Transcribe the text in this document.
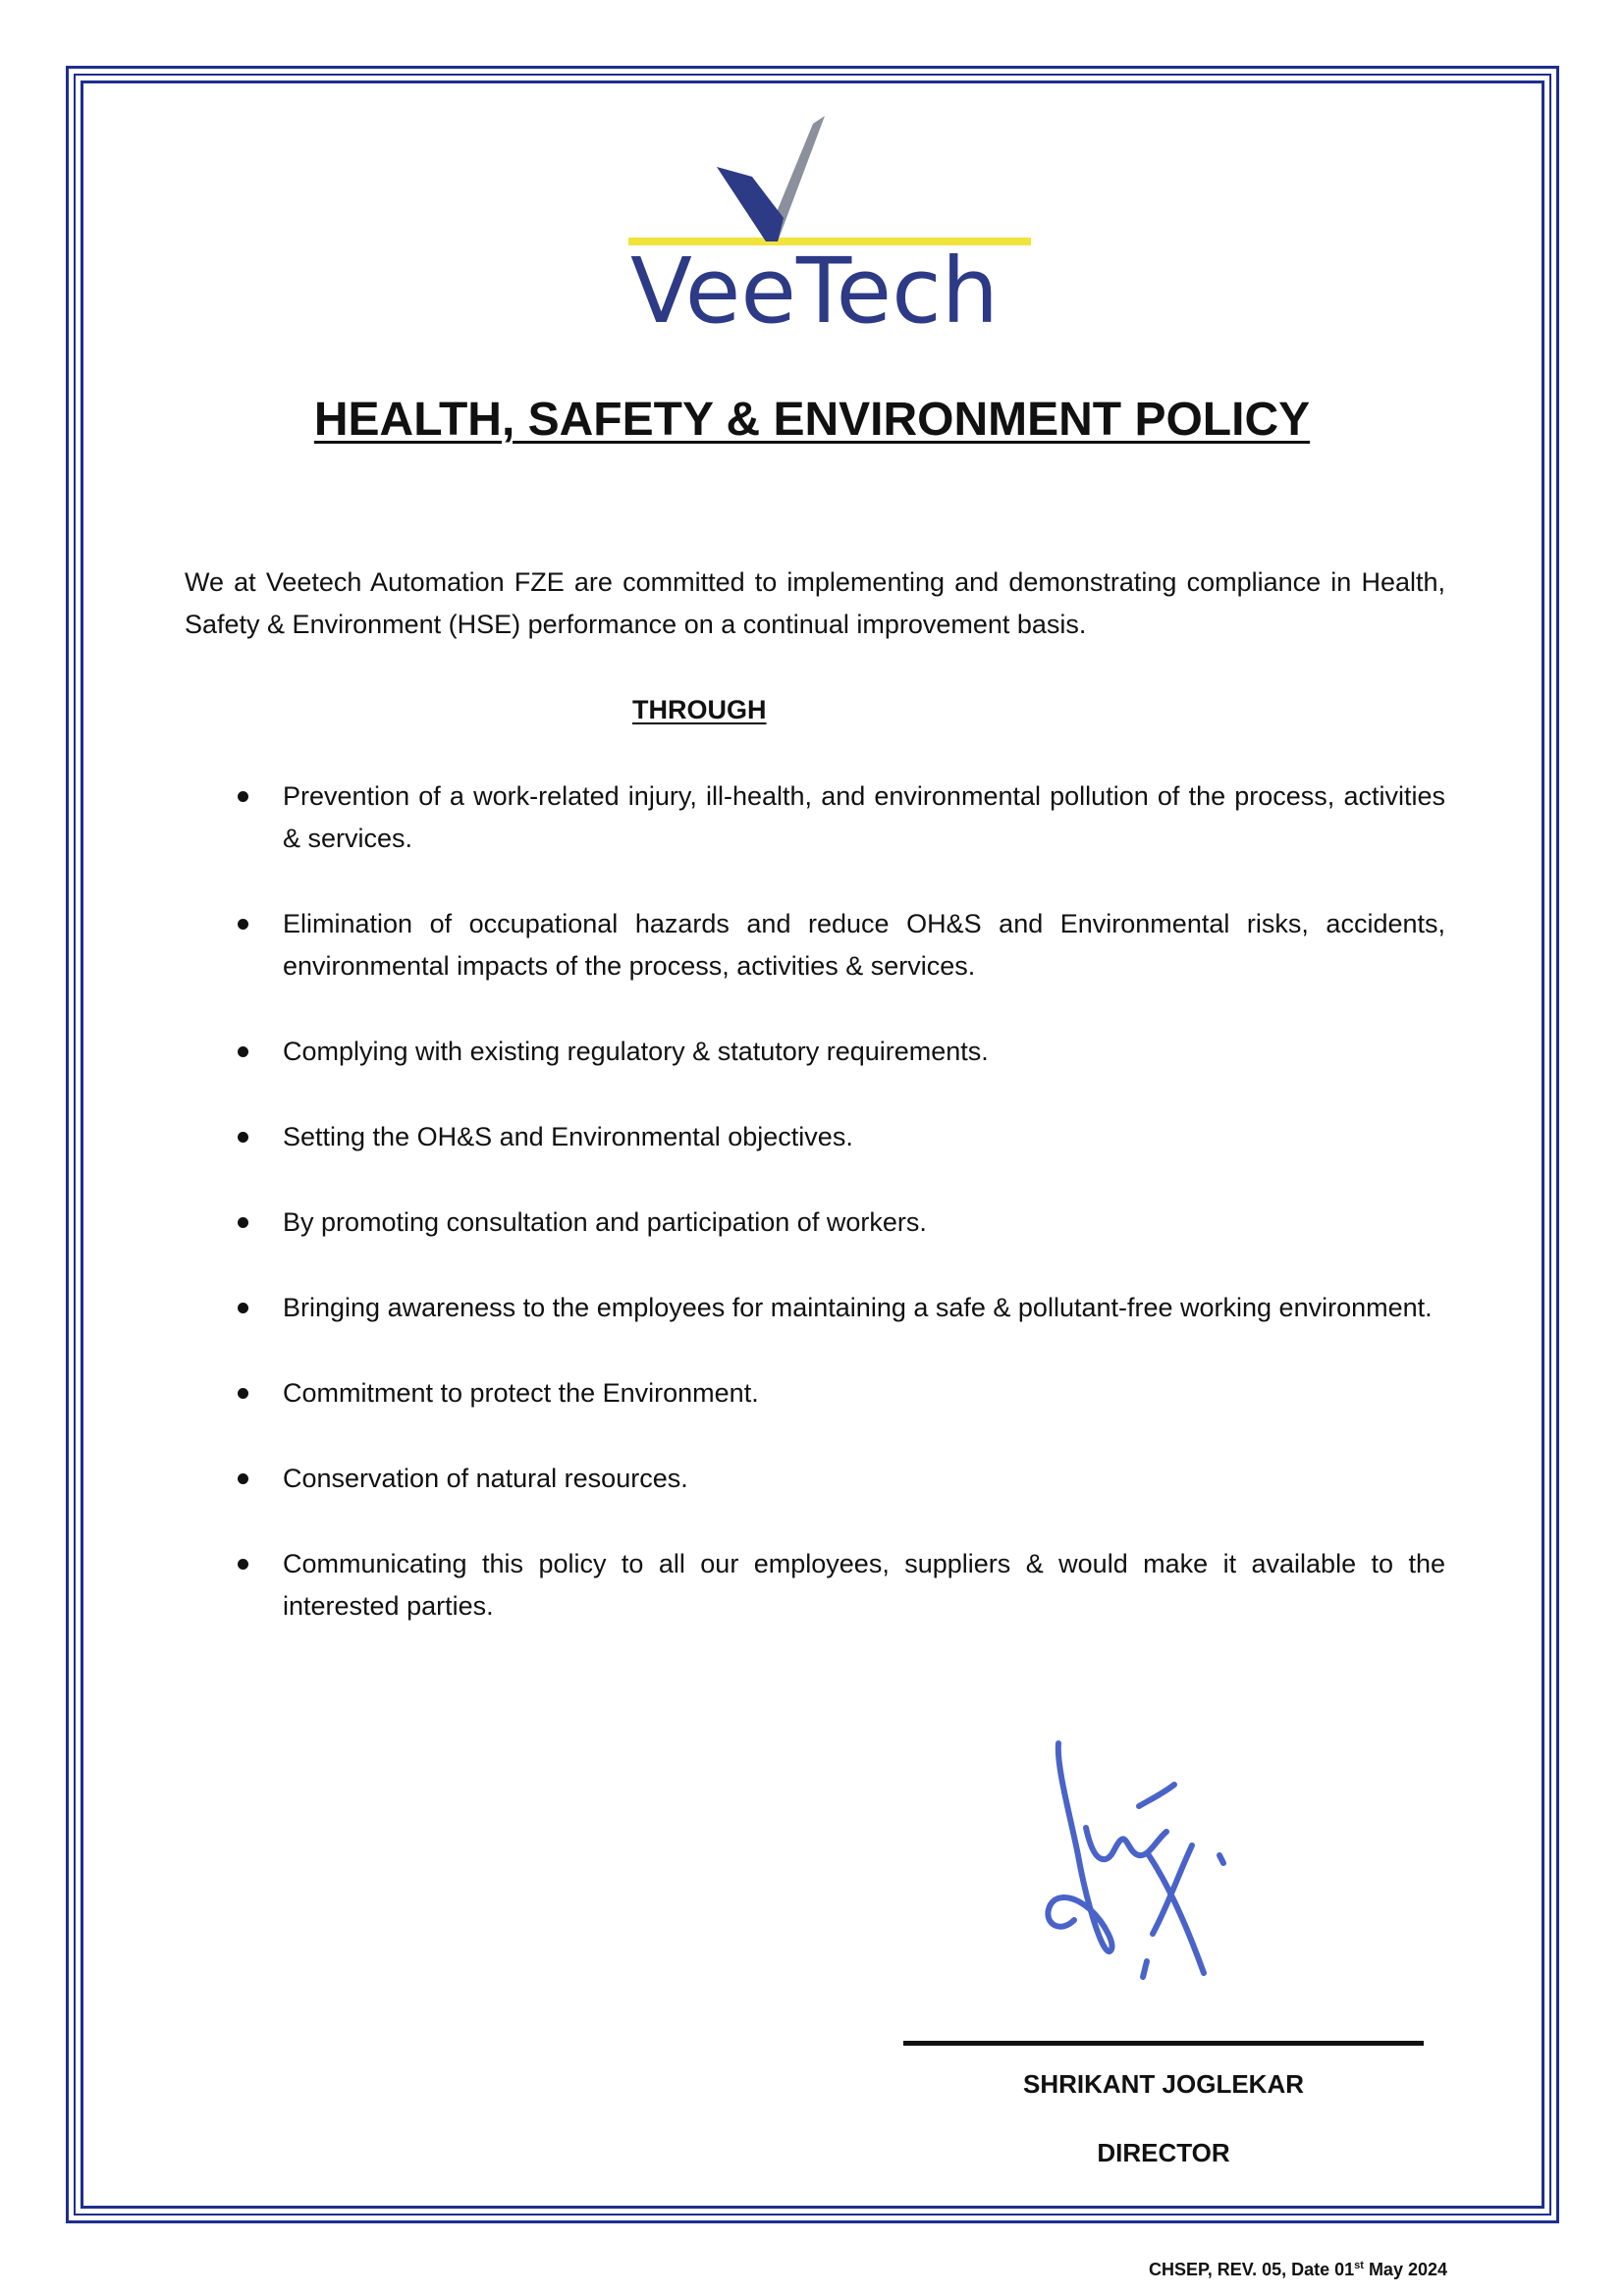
VeeTech
HEALTH, SAFETY & ENVIRONMENT POLICY
We at Veetech Automation FZE are committed to implementing and demonstrating compliance in Health, Safety & Environment (HSE) performance on a continual improvement basis.
THROUGH
Prevention of a work-related injury, ill-health, and environmental pollution of the process, activities & services.
Elimination of occupational hazards and reduce OH&S and Environmental risks, accidents, environmental impacts of the process, activities & services.
Complying with existing regulatory & statutory requirements.
Setting the OH&S and Environmental objectives.
By promoting consultation and participation of workers.
Bringing awareness to the employees for maintaining a safe & pollutant-free working environment.
Commitment to protect the Environment.
Conservation of natural resources.
Communicating this policy to all our employees, suppliers & would make it available to the interested parties.
SHRIKANT JOGLEKAR
DIRECTOR
CHSEP, REV. 05, Date 01st May 2024
